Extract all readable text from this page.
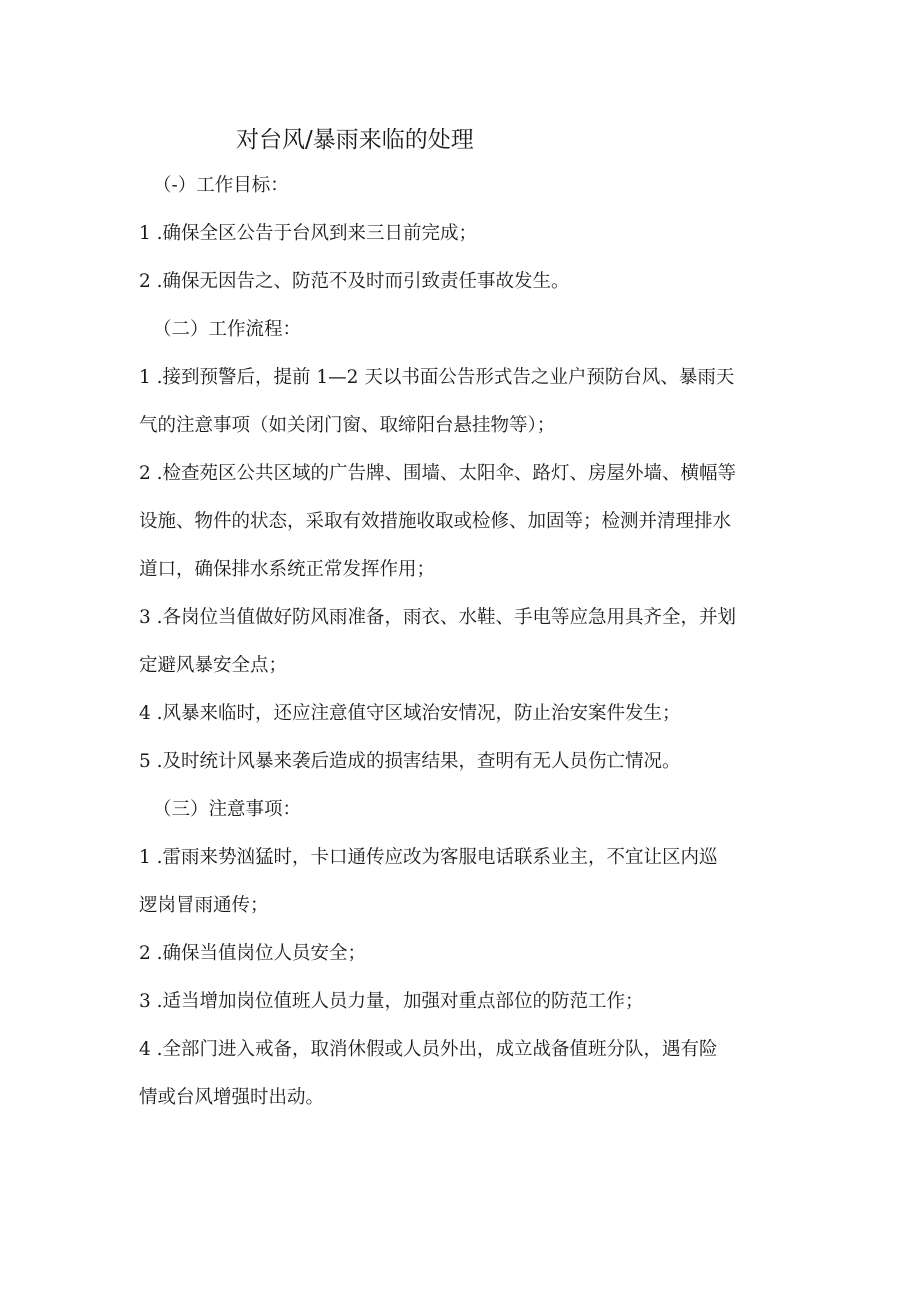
对台风/暴雨来临的处理
（-）工作目标：
1 .确保全区公告于台风到来三日前完成；
2 .确保无因告之、防范不及时而引致责任事故发生。
（二）工作流程：
1 .接到预警后，提前 1—2 天以书面公告形式告之业户预防台风、暴雨天
气的注意事项（如关闭门窗、取缔阳台悬挂物等）；
2 .检查苑区公共区域的广告牌、围墙、太阳伞、路灯、房屋外墙、横幅等
设施、物件的状态，采取有效措施收取或检修、加固等；检测并清理排水
道口，确保排水系统正常发挥作用；
3 .各岗位当值做好防风雨准备，雨衣、水鞋、手电等应急用具齐全，并划
定避风暴安全点；
4 .风暴来临时，还应注意值守区域治安情况，防止治安案件发生；
5 .及时统计风暴来袭后造成的损害结果，查明有无人员伤亡情况。
（三）注意事项：
1 .雷雨来势汹猛时，卡口通传应改为客服电话联系业主，不宜让区内巡
逻岗冒雨通传；
2 .确保当值岗位人员安全；
3 .适当增加岗位值班人员力量，加强对重点部位的防范工作；
4 .全部门进入戒备，取消休假或人员外出，成立战备值班分队，遇有险
情或台风增强时出动。
